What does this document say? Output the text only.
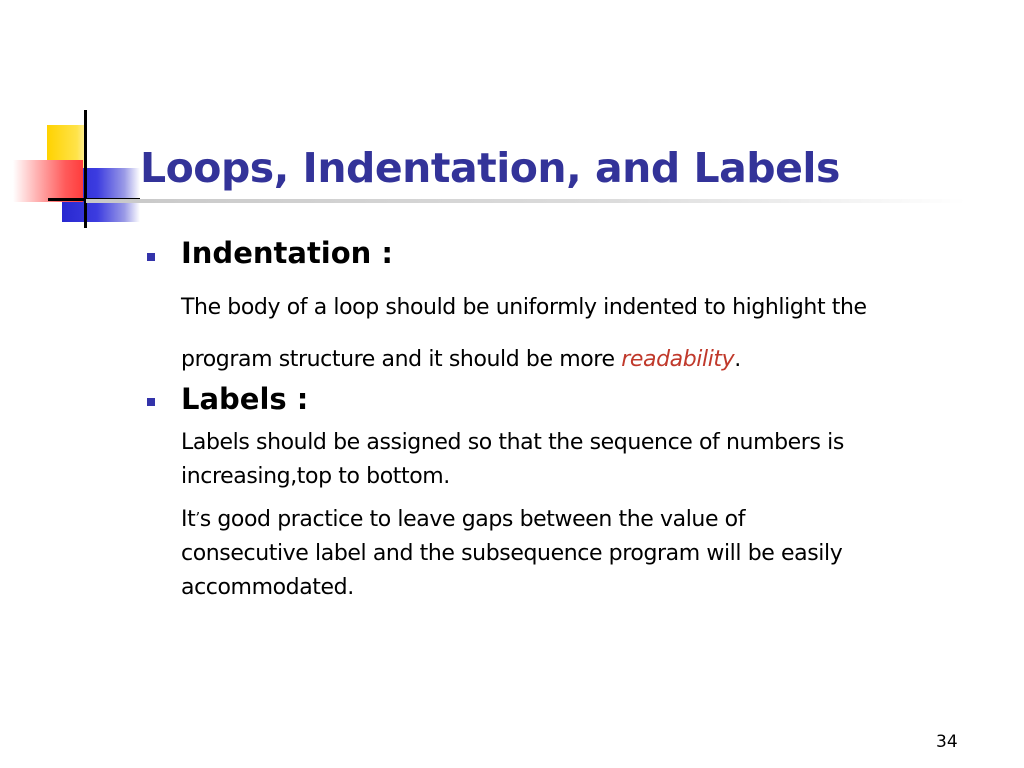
Loops, Indentation, and Labels
Indentation :

The body of a loop should be uniformly indented to highlight the
program structure and it should be more readability.

Labels :

Labels should be assigned so that the sequence of numbers is
increasing,top to bottom.

It’s good practice to leave gaps between the value of
consecutive label and the subsequence program will be easily
accommodated.

34
